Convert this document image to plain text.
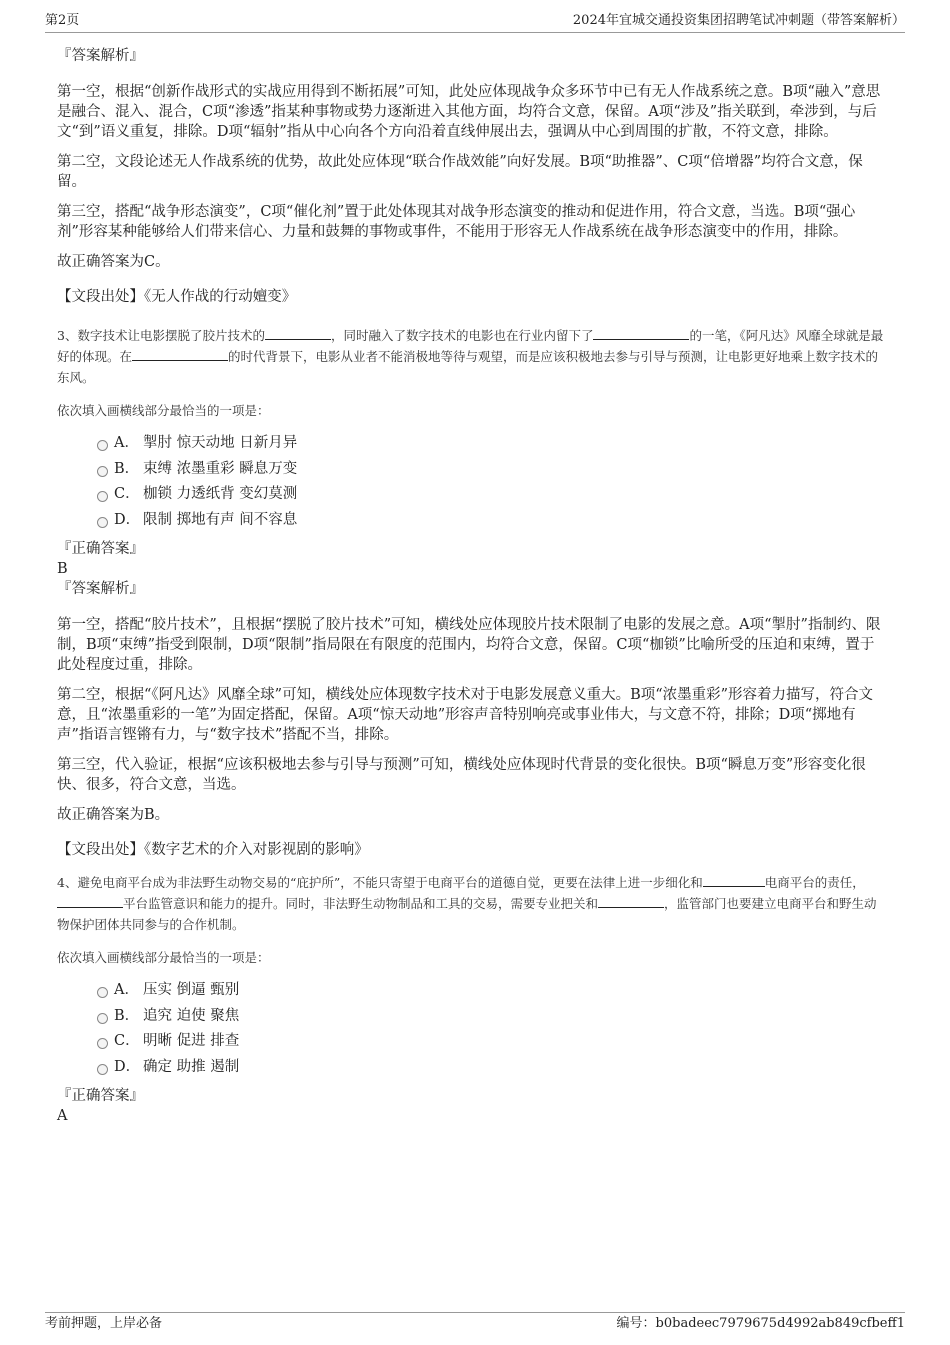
第2页	2024年宜城交通投资集团招聘笔试冲刺题（带答案解析）

『答案解析』

第一空，根据“创新作战形式的实战应用得到不断拓展”可知，此处应体现战争众多环节中已有无人作战系统之意。B项“融入”意思是融合、混入、混合，C项“渗透”指某种事物或势力逐渐进入其他方面，均符合文意，保留。A项“涉及”指关联到，牵涉到，与后文“到”语义重复，排除。D项“辐射”指从中心向各个方向沿着直线伸展出去，强调从中心到周围的扩散，不符文意，排除。

第二空，文段论述无人作战系统的优势，故此处应体现“联合作战效能”向好发展。B项“助推器”、C项“倍增器”均符合文意，保留。

第三空，搭配“战争形态演变”，C项“催化剂”置于此处体现其对战争形态演变的推动和促进作用，符合文意，当选。B项“强心剂”形容某种能够给人们带来信心、力量和鼓舞的事物或事件，不能用于形容无人作战系统在战争形态演变中的作用，排除。

故正确答案为C。

【文段出处】《无人作战的行动嬗变》

3、数字技术让电影摆脱了胶片技术的	，同时融入了数字技术的电影也在行业内留下了	的一笔，《阿凡达》风靡全球就是最好的体现。在	的时代背景下，电影从业者不能消极地等待与观望，而是应该积极地去参与引导与预测，让电影更好地乘上数字技术的东风。

依次填入画横线部分最恰当的一项是：

A． 掣肘 惊天动地 日新月异
B． 束缚 浓墨重彩 瞬息万变
C． 枷锁 力透纸背 变幻莫测
D． 限制 掷地有声 间不容息

『正确答案』

B

『答案解析』

第一空，搭配“胶片技术”，且根据“摆脱了胶片技术”可知，横线处应体现胶片技术限制了电影的发展之意。A项“掣肘”指制约、限制，B项“束缚”指受到限制，D项“限制”指局限在有限度的范围内，均符合文意，保留。C项“枷锁”比喻所受的压迫和束缚，置于此处程度过重，排除。

第二空，根据“《阿凡达》风靡全球”可知，横线处应体现数字技术对于电影发展意义重大。B项“浓墨重彩”形容着力描写，符合文意，且“浓墨重彩的一笔”为固定搭配，保留。A项“惊天动地”形容声音特别响亮或事业伟大，与文意不符，排除；D项“掷地有声”指语言铿锵有力，与“数字技术”搭配不当，排除。

第三空，代入验证，根据“应该积极地去参与引导与预测”可知，横线处应体现时代背景的变化很快。B项“瞬息万变”形容变化很快、很多，符合文意，当选。

故正确答案为B。

【文段出处】《数字艺术的介入对影视剧的影响》

4、避免电商平台成为非法野生动物交易的“庇护所”，不能只寄望于电商平台的道德自觉，更要在法律上进一步细化和	电商平台的责任，平台监管意识和能力的提升。同时，非法野生动物制品和工具的交易，需要专业把关和	，监管部门也要建立电商平台和野生动物保护团体共同参与的合作机制。

依次填入画横线部分最恰当的一项是：

A． 压实 倒逼 甄别
B． 追究 迫使 聚焦
C． 明晰 促进 排查
D． 确定 助推 遏制

『正确答案』

A

考前押题，上岸必备	编号：b0badeec7979675d4992ab849cfbeff1
